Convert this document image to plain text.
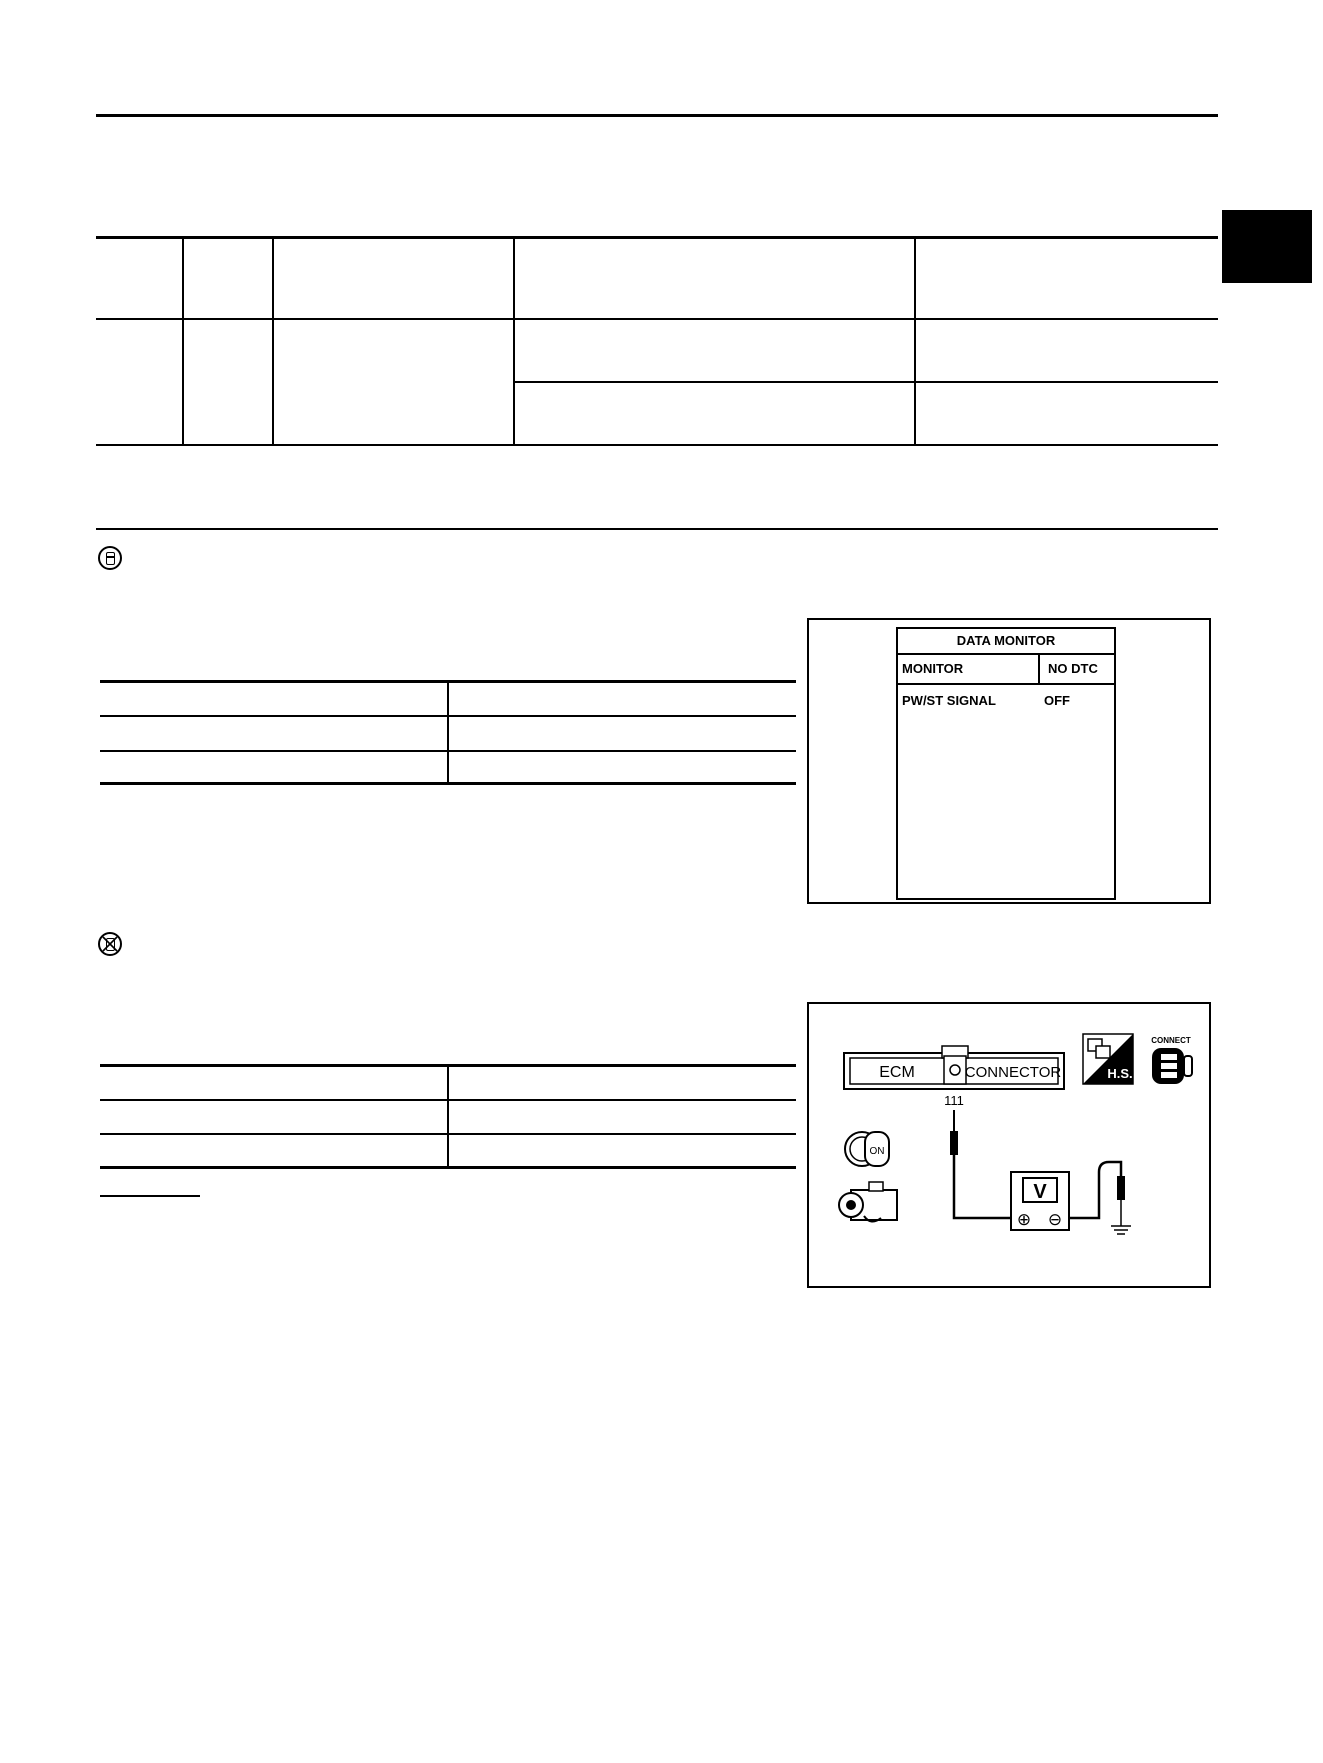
DATA MONITOR
MONITOR	NO DTC
PW/ST SIGNAL	OFF
ECM	CONNECTOR
111
V
⊕ ⊖
ON
H.S.
CONNECT
